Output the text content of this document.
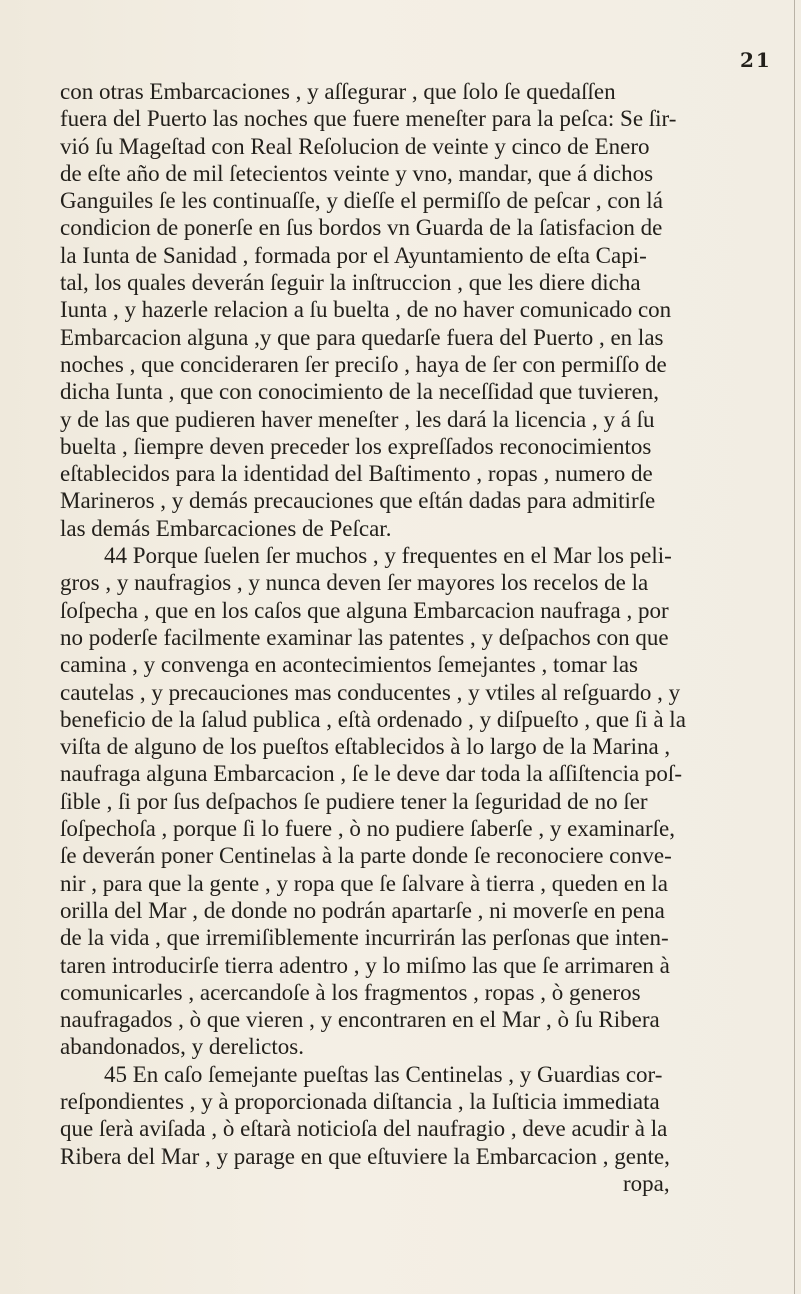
21
con otras Embarcaciones , y aſſegurar , que ſolo ſe quedaſſen
fuera del Puerto las noches que fuere meneſter para la peſca: Se ſir-
vió ſu Mageſtad con Real Reſolucion de veinte y cinco de Enero
de eſte año de mil ſetecientos veinte y vno, mandar, que á dichos
Ganguiles ſe les continuaſſe, y dieſſe el permiſſo de peſcar , con lá
condicion de ponerſe en ſus bordos vn Guarda de la ſatisfacion de
la Iunta de Sanidad , formada por el Ayuntamiento de eſta Capi-
tal, los quales deverán ſeguir la inſtruccion , que les diere dicha
Iunta , y hazerle relacion a ſu buelta , de no haver comunicado con
Embarcacion alguna ,y que para quedarſe fuera del Puerto , en las
noches , que concideraren ſer preciſo , haya de ſer con permiſſo de
dicha Iunta , que con conocimiento de la neceſſidad que tuvieren,
y de las que pudieren haver meneſter , les dará la licencia , y á ſu
buelta , ſiempre deven preceder los expreſſados reconocimientos
eſtablecidos para la identidad del Baſtimento , ropas , numero de
Marineros , y demás precauciones que eſtán dadas para admitirſe
las demás Embarcaciones de Peſcar.
44 Porque ſuelen ſer muchos , y frequentes en el Mar los peli-
gros , y naufragios , y nunca deven ſer mayores los recelos de la
ſoſpecha , que en los caſos que alguna Embarcacion naufraga , por
no poderſe facilmente examinar las patentes , y deſpachos con que
camina , y convenga en acontecimientos ſemejantes , tomar las
cautelas , y precauciones mas conducentes , y vtiles al reſguardo , y
beneficio de la ſalud publica , eſtà ordenado , y diſpueſto , que ſi à la
viſta de alguno de los pueſtos eſtablecidos à lo largo de la Marina ,
naufraga alguna Embarcacion , ſe le deve dar toda la aſſiſtencia poſ-
ſible , ſi por ſus deſpachos ſe pudiere tener la ſeguridad de no ſer
ſoſpechoſa , porque ſi lo fuere , ò no pudiere ſaberſe , y examinarſe,
ſe deverán poner Centinelas à la parte donde ſe reconociere conve-
nir , para que la gente , y ropa que ſe ſalvare à tierra , queden en la
orilla del Mar , de donde no podrán apartarſe , ni moverſe en pena
de la vida , que irremiſiblemente incurrirán las perſonas que inten-
taren introducirſe tierra adentro , y lo miſmo las que ſe arrimaren à
comunicarles , acercandoſe à los fragmentos , ropas , ò generos
naufragados , ò que vieren , y encontraren en el Mar , ò ſu Ribera
abandonados, y derelictos.
45 En caſo ſemejante pueſtas las Centinelas , y Guardias cor-
reſpondientes , y à proporcionada diſtancia , la Iuſticia immediata
que ſerà aviſada , ò eſtarà noticioſa del naufragio , deve acudir à la
Ribera del Mar , y parage en que eſtuviere la Embarcacion , gente,
ropa,
